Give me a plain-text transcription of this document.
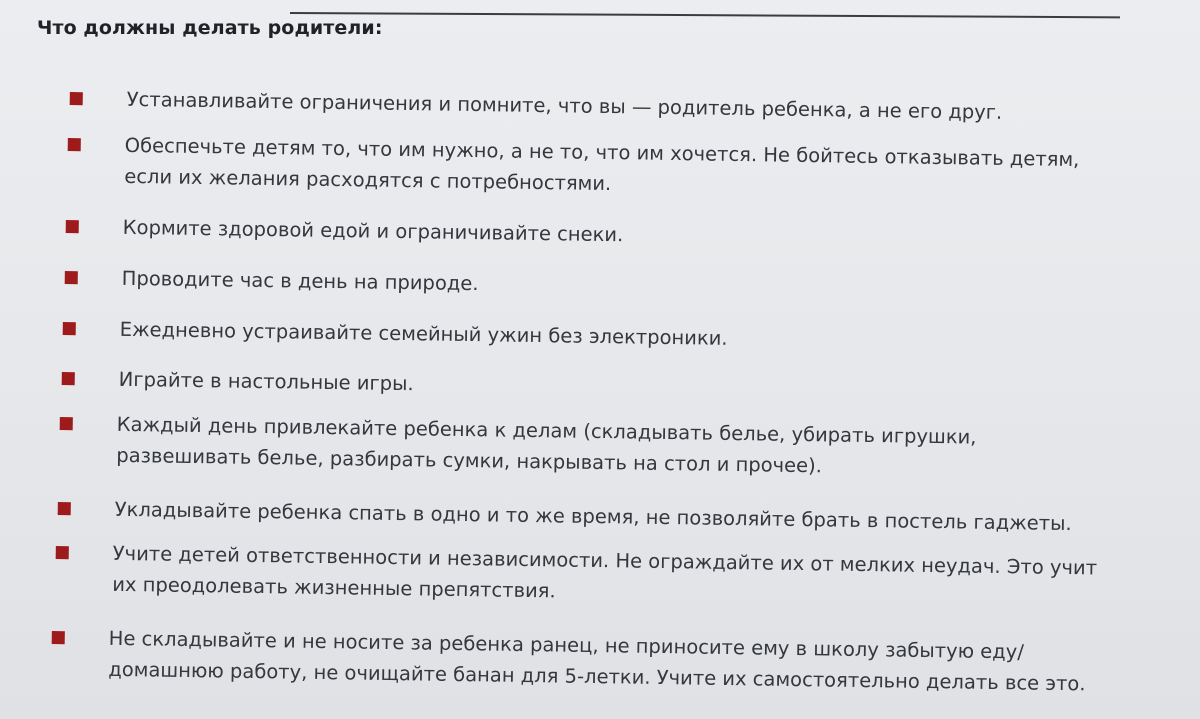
Что должны делать родители:
Устанавливайте ограничения и помните, что вы — родитель ребенка, а не его друг.
Обеспечьте детям то, что им нужно, а не то, что им хочется. Не бойтесь отказывать детям,
если их желания расходятся с потребностями.
Кормите здоровой едой и ограничивайте снеки.
Проводите час в день на природе.
Ежедневно устраивайте семейный ужин без электроники.
Играйте в настольные игры.
Каждый день привлекайте ребенка к делам (складывать белье, убирать игрушки,
развешивать белье, разбирать сумки, накрывать на стол и прочее).
Укладывайте ребенка спать в одно и то же время, не позволяйте брать в постель гаджеты.
Учите детей ответственности и независимости. Не ограждайте их от мелких неудач. Это учит
их преодолевать жизненные препятствия.
Не складывайте и не носите за ребенка ранец, не приносите ему в школу забытую еду/
домашнюю работу, не очищайте банан для 5-летки. Учите их самостоятельно делать все это.
